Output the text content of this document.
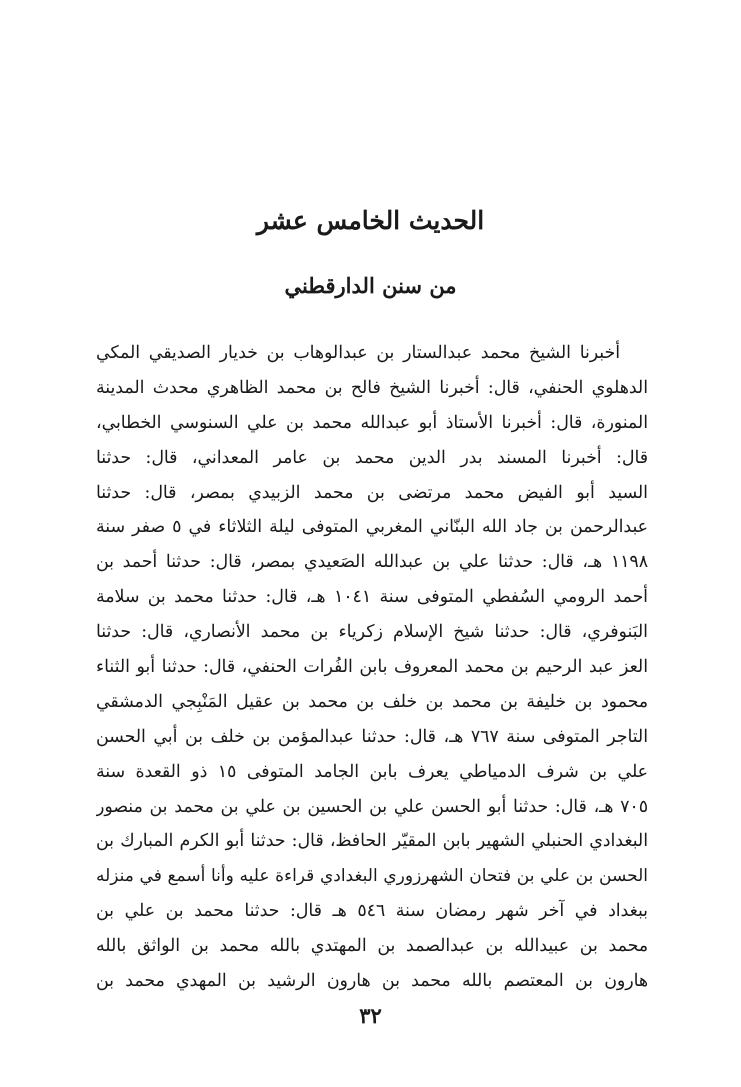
الحديث الخامس عشر
من سنن الدارقطني
أخبرنا الشيخ محمد عبدالستار بن عبدالوهاب بن خديار الصديقي المكي
الدهلوي الحنفي، قال: أخبرنا الشيخ فالح بن محمد الظاهري محدث المدينة
المنورة، قال: أخبرنا الأستاذ أبو عبدالله محمد بن علي السنوسي الخطابي،
قال: أخبرنا المسند بدر الدين محمد بن عامر المعداني، قال: حدثنا
السيد أبو الفيض محمد مرتضى بن محمد الزبيدي بمصر، قال: حدثنا
عبدالرحمن بن جاد الله البنّاني المغربي المتوفى ليلة الثلاثاء في ٥ صفر سنة
١١٩٨ هـ، قال: حدثنا علي بن عبدالله الصَعيدي بمصر، قال: حدثنا أحمد بن
أحمد الرومي السُفطي المتوفى سنة ١٠٤١ هـ، قال: حدثنا محمد بن سلامة
البَنوفري، قال: حدثنا شيخ الإسلام زكرياء بن محمد الأنصاري، قال: حدثنا
العز عبد الرحيم بن محمد المعروف بابن الفُرات الحنفي، قال: حدثنا أبو الثناء
محمود بن خليفة بن محمد بن خلف بن محمد بن عقيل المَنْبِجي الدمشقي
التاجر المتوفى سنة ٧٦٧ هـ، قال: حدثنا عبدالمؤمن بن خلف بن أبي الحسن
علي بن شرف الدمياطي يعرف بابن الجامد المتوفى ١٥ ذو القعدة سنة
٧٠٥ هـ، قال: حدثنا أبو الحسن علي بن الحسين بن علي بن محمد بن منصور
البغدادي الحنبلي الشهير بابن المقيّر الحافظ، قال: حدثنا أبو الكرم المبارك بن
الحسن بن علي بن فتحان الشهرزوري البغدادي قراءة عليه وأنا أسمع في منزله
ببغداد في آخر شهر رمضان سنة ٥٤٦ هـ قال: حدثنا محمد بن علي بن
محمد بن عبيدالله بن عبدالصمد بن المهتدي بالله محمد بن الواثق بالله
هارون بن المعتصم بالله محمد بن هارون الرشيد بن المهدي محمد بن
٣٢
